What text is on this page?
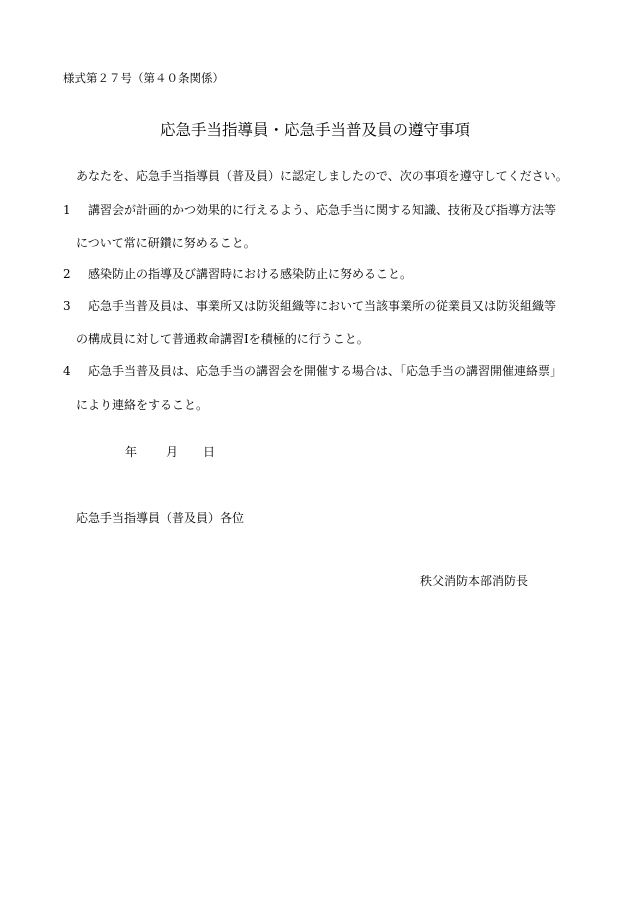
様式第２７号（第４０条関係）
応急手当指導員・応急手当普及員の遵守事項
あなたを、応急手当指導員（普及員）に認定しましたので、次の事項を遵守してください。
1 講習会が計画的かつ効果的に行えるよう、応急手当に関する知識、技術及び指導方法等
について常に研鑽に努めること。
2 感染防止の指導及び講習時における感染防止に努めること。
3 応急手当普及員は、事業所又は防災組織等において当該事業所の従業員又は防災組織等
の構成員に対して普通救命講習Ⅰを積極的に行うこと。
4 応急手当普及員は、応急手当の講習会を開催する場合は、「応急手当の講習開催連絡票」
により連絡をすること。
年 月 日
応急手当指導員（普及員）各位
秩父消防本部消防長
